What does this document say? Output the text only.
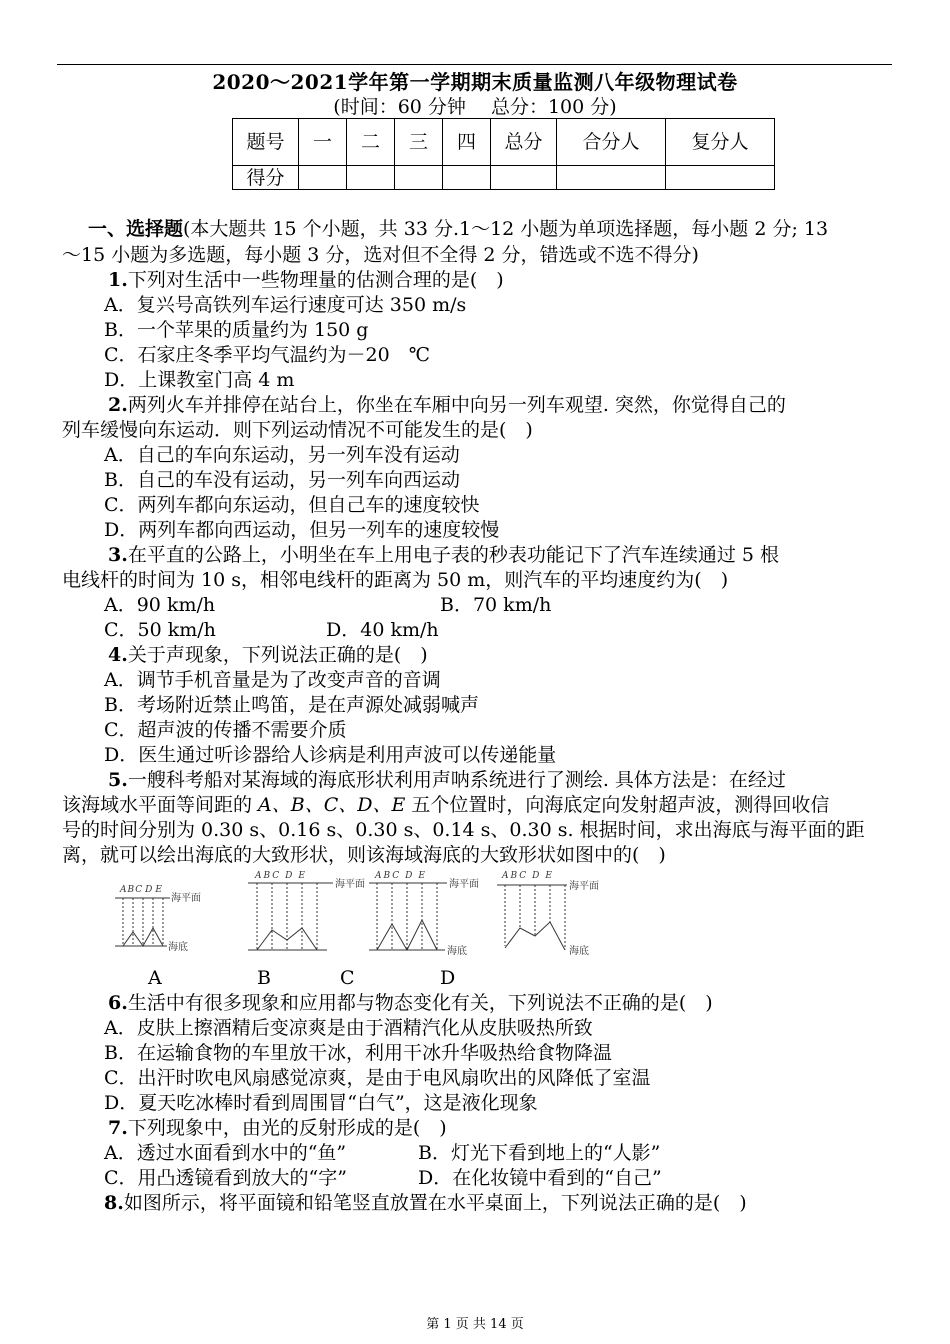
2020～2021学年第一学期期末质量监测八年级物理试卷
(时间：60 分钟　 总分：100 分)
题号	一	二	三	四	总分	合分人	复分人
得分							
一、选择题(本大题共 15 个小题，共 33 分.1～12 小题为单项选择题，每小题 2 分; 13
～15 小题为多选题，每小题 3 分，选对但不全得 2 分，错选或不选不得分)
1.下列对生活中一些物理量的估测合理的是(　)
A．复兴号高铁列车运行速度可达 350 m/s
B．一个苹果的质量约为 150 g
C．石家庄冬季平均气温约为－20　℃
D．上课教室门高 4 m
2.两列火车并排停在站台上，你坐在车厢中向另一列车观望. 突然，你觉得自己的
列车缓慢向东运动．则下列运动情况不可能发生的是(　)
A．自己的车向东运动，另一列车没有运动
B．自己的车没有运动，另一列车向西运动
C．两列车都向东运动，但自己车的速度较快
D．两列车都向西运动，但另一列车的速度较慢
3.在平直的公路上，小明坐在车上用电子表的秒表功能记下了汽车连续通过 5 根
电线杆的时间为 10 s，相邻电线杆的距离为 50 m，则汽车的平均速度约为(　)
A．90 km/h	B．70 km/h
C．50 km/h	D．40 km/h
4.关于声现象，下列说法正确的是(　)
A．调节手机音量是为了改变声音的音调
B．考场附近禁止鸣笛，是在声源处减弱喊声
C．超声波的传播不需要介质
D．医生通过听诊器给人诊病是利用声波可以传递能量
5.一艘科考船对某海域的海底形状利用声呐系统进行了测绘. 具体方法是：在经过
该海域水平面等间距的 A、B、C、D、E 五个位置时，向海底定向发射超声波，测得回收信
号的时间分别为 0.30 s、0.16 s、0.30 s、0.14 s、0.30 s. 根据时间，求出海底与海平面的距
离，就可以绘出海底的大致形状，则该海域海底的大致形状如图中的(　)
ABC D E
海平面
海底
A B C D E
海平面
A B C D E
海平面
海底
A B C D E
海平面
海底
A	B	C	D
6.生活中有很多现象和应用都与物态变化有关，下列说法不正确的是(　)
A．皮肤上擦酒精后变凉爽是由于酒精汽化从皮肤吸热所致
B．在运输食物的车里放干冰，利用干冰升华吸热给食物降温
C．出汗时吹电风扇感觉凉爽，是由于电风扇吹出的风降低了室温
D．夏天吃冰棒时看到周围冒“白气”，这是液化现象
7.下列现象中，由光的反射形成的是(　)
A．透过水面看到水中的“鱼”	B．灯光下看到地上的“人影”
C．用凸透镜看到放大的“字”	D．在化妆镜中看到的“自己”
8.如图所示，将平面镜和铅笔竖直放置在水平桌面上，下列说法正确的是(　)
第 1 页 共 14 页
